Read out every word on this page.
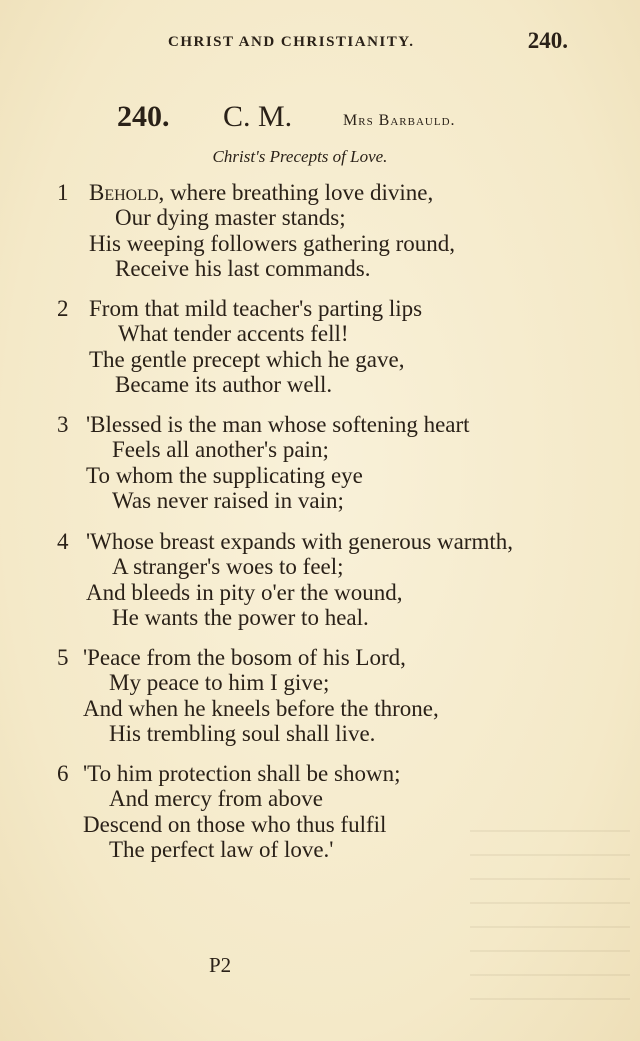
CHRIST AND CHRISTIANITY.	240.
240. C. M.	Mrs Barbauld.
Christ's Precepts of Love.
1 Behold, where breathing love divine,
Our dying master stands;
His weeping followers gathering round,
Receive his last commands.
2 From that mild teacher's parting lips
What tender accents fell!
The gentle precept which he gave,
Became its author well.
3 'Blessed is the man whose softening heart
Feels all another's pain;
To whom the supplicating eye
Was never raised in vain;
4 'Whose breast expands with generous warmth,
A stranger's woes to feel;
And bleeds in pity o'er the wound,
He wants the power to heal.
5 'Peace from the bosom of his Lord,
My peace to him I give;
And when he kneels before the throne,
His trembling soul shall live.
6 'To him protection shall be shown;
And mercy from above
Descend on those who thus fulfil
The perfect law of love.'
P2
